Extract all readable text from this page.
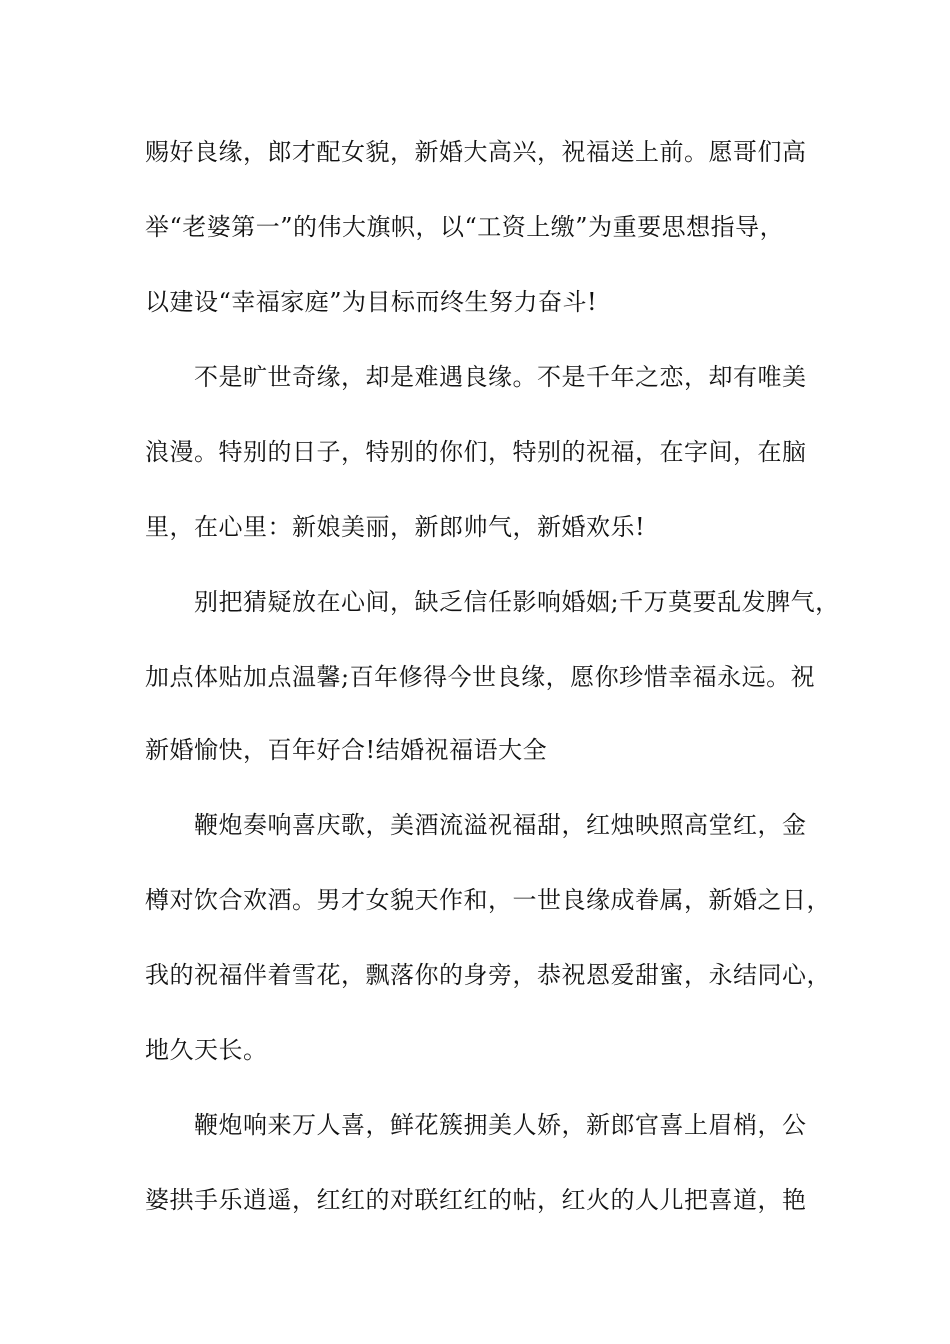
赐好良缘，郎才配女貌，新婚大高兴，祝福送上前。愿哥们高
举“老婆第一”的伟大旗帜，以“工资上缴”为重要思想指导，
以建设“幸福家庭”为目标而终生努力奋斗!
不是旷世奇缘，却是难遇良缘。不是千年之恋，却有唯美
浪漫。特别的日子，特别的你们，特别的祝福，在字间，在脑
里，在心里：新娘美丽，新郎帅气，新婚欢乐!
别把猜疑放在心间，缺乏信任影响婚姻;千万莫要乱发脾气，
加点体贴加点温馨;百年修得今世良缘，愿你珍惜幸福永远。祝
新婚愉快，百年好合!结婚祝福语大全
鞭炮奏响喜庆歌，美酒流溢祝福甜，红烛映照高堂红，金
樽对饮合欢酒。男才女貌天作和，一世良缘成眷属，新婚之日，
我的祝福伴着雪花，飘落你的身旁，恭祝恩爱甜蜜，永结同心，
地久天长。
鞭炮响来万人喜，鲜花簇拥美人娇，新郎官喜上眉梢，公
婆拱手乐逍遥，红红的对联红红的帖，红火的人儿把喜道，艳
